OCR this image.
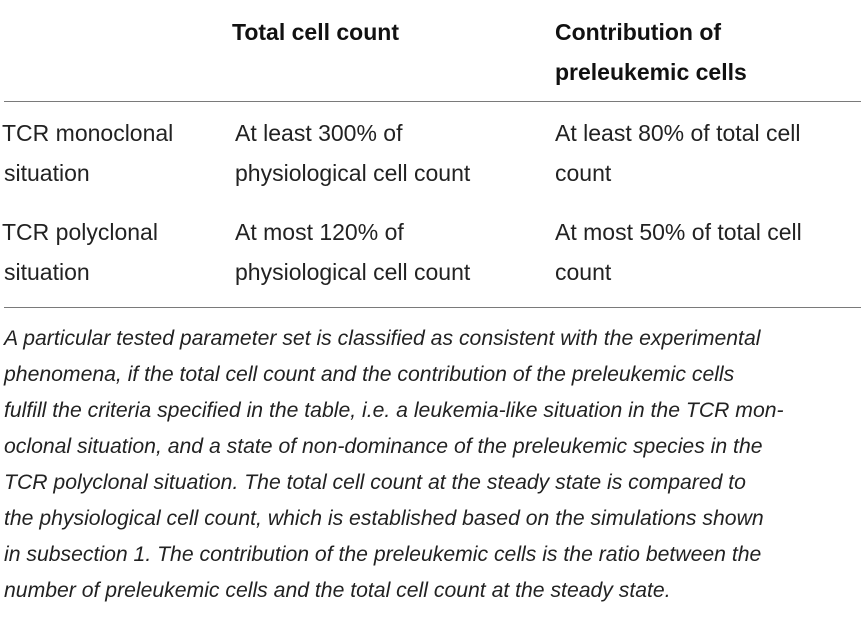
Total cell count	Contribution of
preleukemic cells
TCR monoclonal
situation
At least 300% of
physiological cell count
At least 80% of total cell
count
TCR polyclonal
situation
At most 120% of
physiological cell count
At most 50% of total cell
count
A particular tested parameter set is classified as consistent with the experimental
phenomena, if the total cell count and the contribution of the preleukemic cells
fulfill the criteria specified in the table, i.e. a leukemia-like situation in the TCR mon-
oclonal situation, and a state of non-dominance of the preleukemic species in the
TCR polyclonal situation. The total cell count at the steady state is compared to
the physiological cell count, which is established based on the simulations shown
in subsection 1. The contribution of the preleukemic cells is the ratio between the
number of preleukemic cells and the total cell count at the steady state.
